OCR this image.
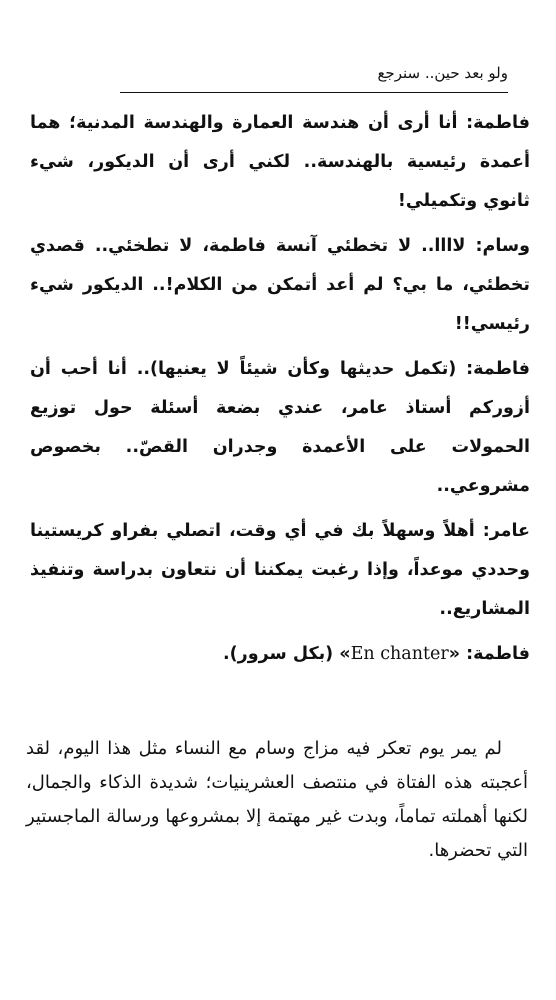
ولو بعد حين.. سنرجع

فاطمة: أنا أرى أن هندسة العمارة والهندسة المدنية؛ هما أعمدة رئيسية بالهندسة.. لكني أرى أن الديكور، شيء ثانوي وتكميلي!

وسام: لاااا.. لا تخطئي آنسة فاطمة، لا تطخئي.. قصدي تخطئي، ما بي؟ لم أعد أتمكن من الكلام!.. الديكور شيء رئيسي!!

فاطمة: (تكمل حديثها وكأن شيئاً لا يعنيها).. أنا أحب أن أزوركم أستاذ عامر، عندي بضعة أسئلة حول توزيع الحمولات على الأعمدة وجدران القصّ.. بخصوص مشروعي..

عامر: أهلاً وسهلاً بك في أي وقت، اتصلي بفراو كريستينا وحددي موعداً، وإذا رغبت يمكننا أن نتعاون بدراسة وتنفيذ المشاريع..

فاطمة: «En chanter» (بكل سرور).

لم يمر يوم تعكر فيه مزاج وسام مع النساء مثل هذا اليوم، لقد أعجبته هذه الفتاة في منتصف العشرينيات؛ شديدة الذكاء والجمال، لكنها أهملته تماماً، وبدت غير مهتمة إلا بمشروعها ورسالة الماجستير التي تحضرها.
